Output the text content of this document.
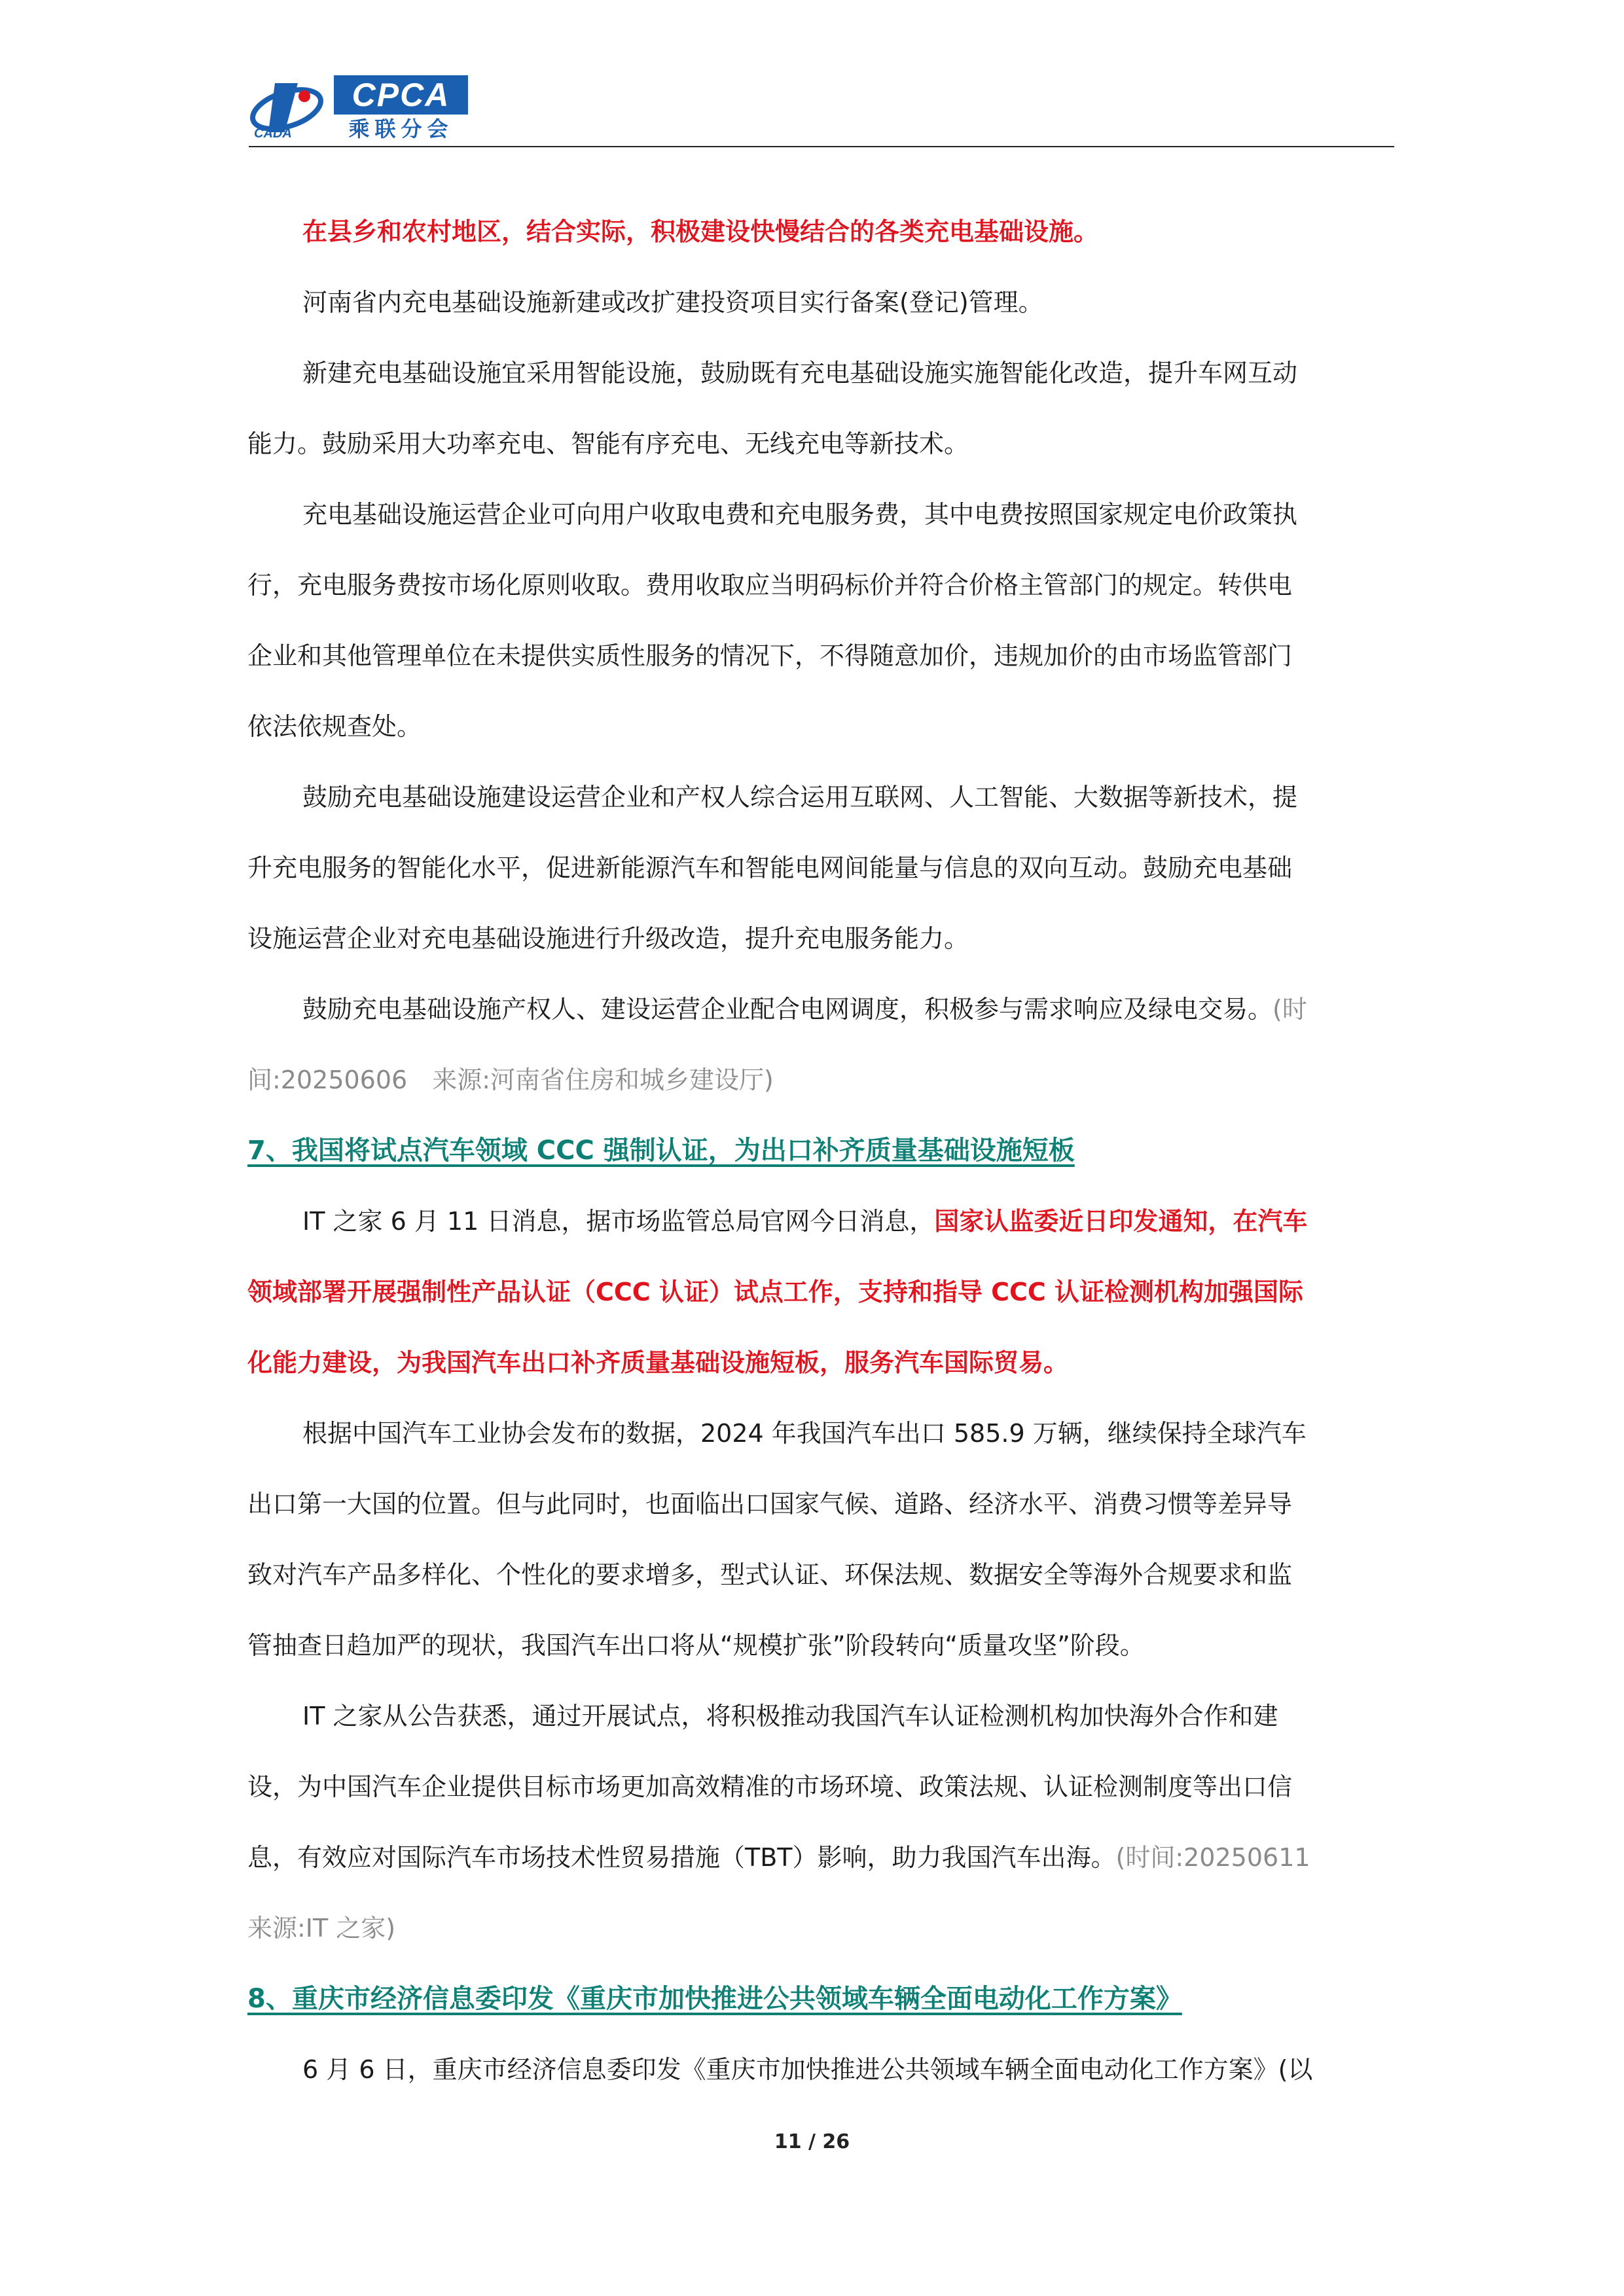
CADA
CPCA
乘联分会

在县乡和农村地区，结合实际，积极建设快慢结合的各类充电基础设施。

河南省内充电基础设施新建或改扩建投资项目实行备案(登记)管理。

新建充电基础设施宜采用智能设施，鼓励既有充电基础设施实施智能化改造，提升车网互动

能力。鼓励采用大功率充电、智能有序充电、无线充电等新技术。

充电基础设施运营企业可向用户收取电费和充电服务费，其中电费按照国家规定电价政策执

行，充电服务费按市场化原则收取。费用收取应当明码标价并符合价格主管部门的规定。转供电

企业和其他管理单位在未提供实质性服务的情况下，不得随意加价，违规加价的由市场监管部门

依法依规查处。

鼓励充电基础设施建设运营企业和产权人综合运用互联网、人工智能、大数据等新技术，提

升充电服务的智能化水平，促进新能源汽车和智能电网间能量与信息的双向互动。鼓励充电基础

设施运营企业对充电基础设施进行升级改造，提升充电服务能力。

鼓励充电基础设施产权人、建设运营企业配合电网调度，积极参与需求响应及绿电交易。(时

间:20250606　来源:河南省住房和城乡建设厅)

7、我国将试点汽车领域 CCC 强制认证，为出口补齐质量基础设施短板

IT 之家 6 月 11 日消息，据市场监管总局官网今日消息，国家认监委近日印发通知，在汽车

领域部署开展强制性产品认证（CCC 认证）试点工作，支持和指导 CCC 认证检测机构加强国际

化能力建设，为我国汽车出口补齐质量基础设施短板，服务汽车国际贸易。

根据中国汽车工业协会发布的数据，2024 年我国汽车出口 585.9 万辆，继续保持全球汽车

出口第一大国的位置。但与此同时，也面临出口国家气候、道路、经济水平、消费习惯等差异导

致对汽车产品多样化、个性化的要求增多，型式认证、环保法规、数据安全等海外合规要求和监

管抽查日趋加严的现状，我国汽车出口将从“规模扩张”阶段转向“质量攻坚”阶段。

IT 之家从公告获悉，通过开展试点，将积极推动我国汽车认证检测机构加快海外合作和建

设，为中国汽车企业提供目标市场更加高效精准的市场环境、政策法规、认证检测制度等出口信

息，有效应对国际汽车市场技术性贸易措施（TBT）影响，助力我国汽车出海。(时间:20250611

来源:IT 之家)

8、重庆市经济信息委印发《重庆市加快推进公共领域车辆全面电动化工作方案》

6 月 6 日，重庆市经济信息委印发《重庆市加快推进公共领域车辆全面电动化工作方案》(以

11 / 26
